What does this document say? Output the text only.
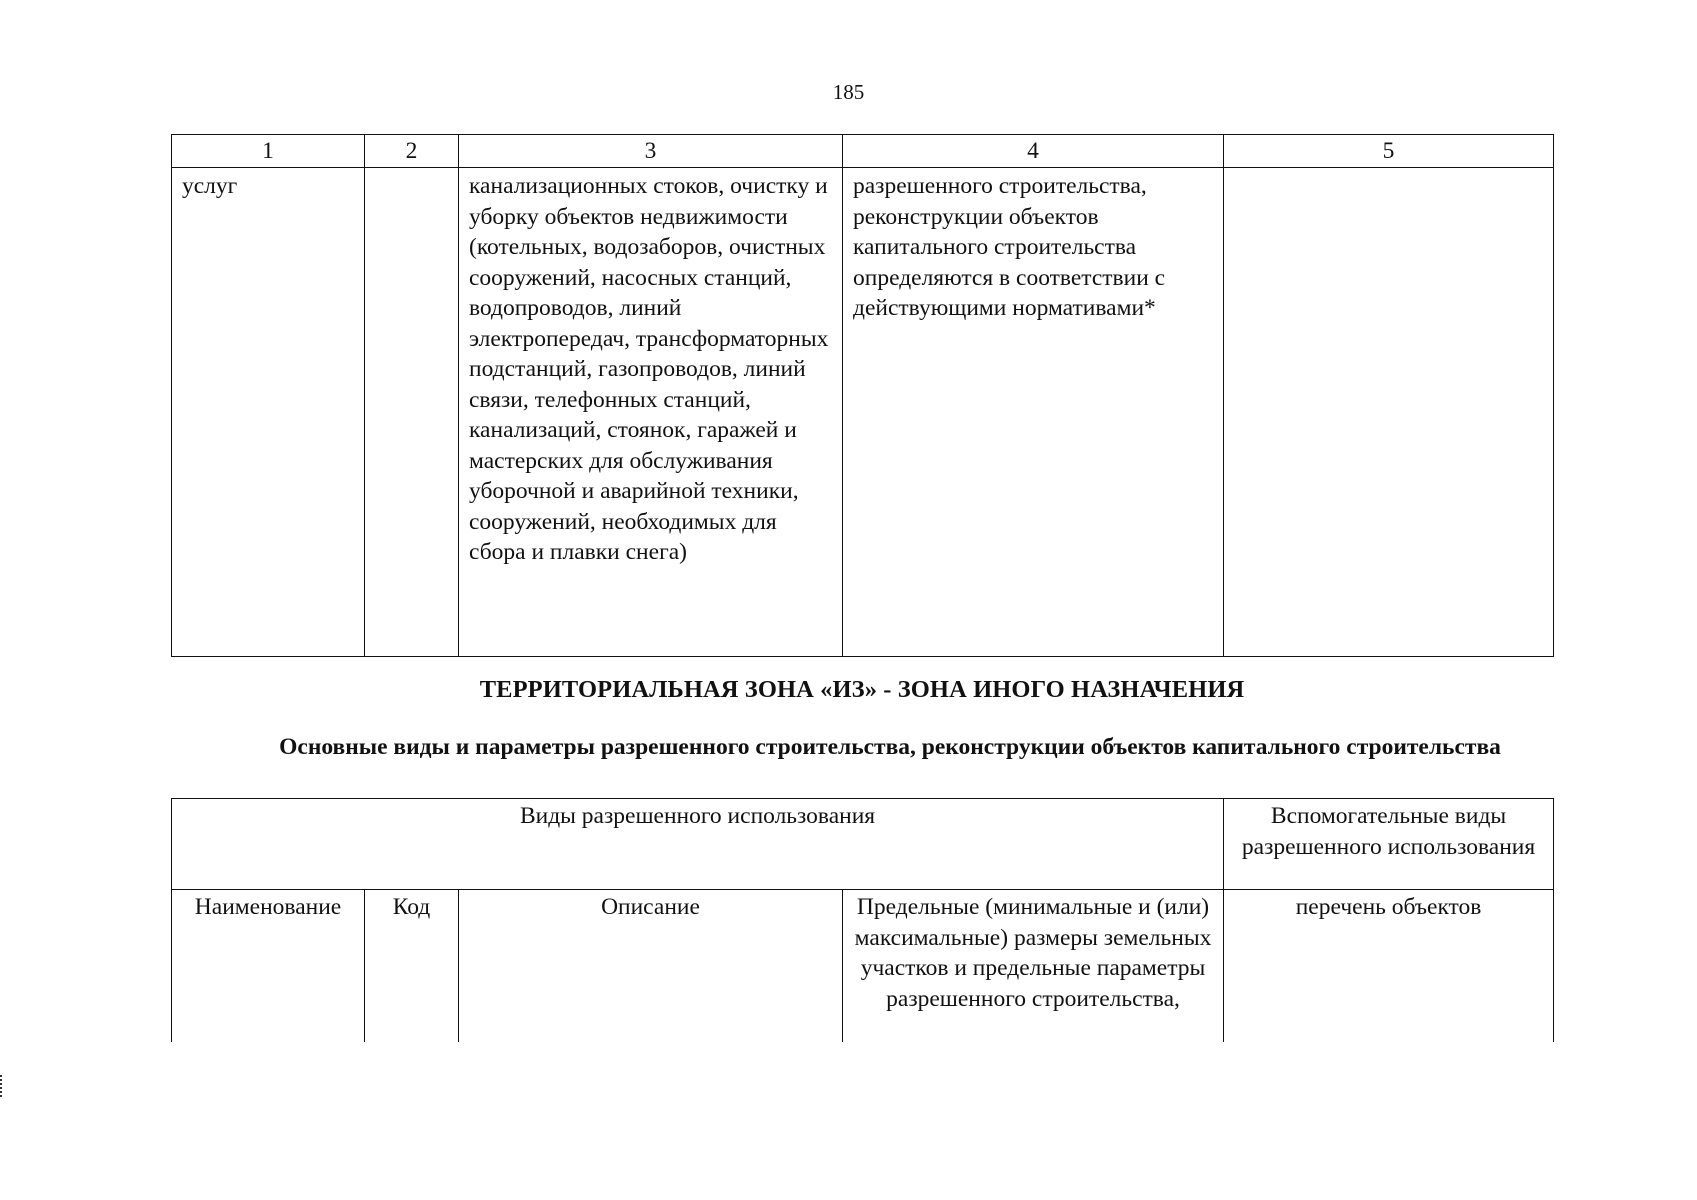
185
1	2	3	4	5
услуг		канализационных стоков, очистку и уборку объектов недвижимости (котельных, водозаборов, очистных сооружений, насосных станций, водопроводов, линий электропередач, трансформаторных подстанций, газопроводов, линий связи, телефонных станций, канализаций, стоянок, гаражей и мастерских для обслуживания уборочной и аварийной техники, сооружений, необходимых для сбора и плавки снега)	разрешенного строительства, реконструкции объектов капитального строительства определяются в соответствии с действующими нормативами*	
ТЕРРИТОРИАЛЬНАЯ ЗОНА «ИЗ» - ЗОНА ИНОГО НАЗНАЧЕНИЯ
Основные виды и параметры разрешенного строительства, реконструкции объектов капитального строительства
Виды разрешенного использования				Вспомогательные виды разрешенного использования
Наименование	Код	Описание	Предельные (минимальные и (или) максимальные) размеры земельных участков и предельные параметры разрешенного строительства,	перечень объектов
